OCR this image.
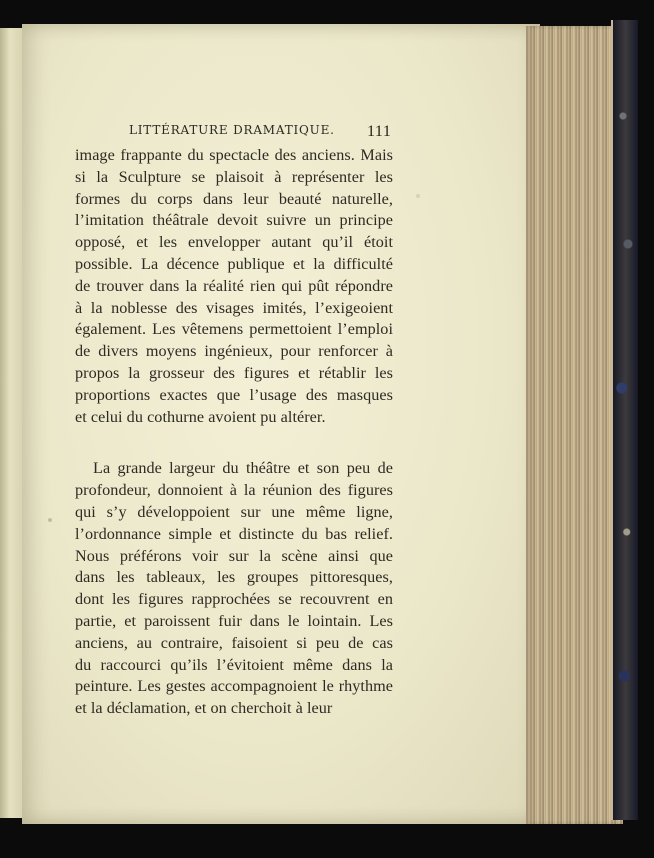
LITTÉRATURE DRAMATIQUE.	111
image frappante du spectacle des anciens. Mais
si la Sculpture se plaisoit à représenter les
formes du corps dans leur beauté naturelle,
l’imitation théâtrale devoit suivre un principe
opposé, et les envelopper autant qu’il étoit
possible. La décence publique et la difficulté
de trouver dans la réalité rien qui pût répondre
à la noblesse des visages imités, l’exigeoient
également. Les vêtemens permettoient l’emploi
de divers moyens ingénieux, pour renforcer à
propos la grosseur des figures et rétablir les
proportions exactes que l’usage des masques
et celui du cothurne avoient pu altérer.
La grande largeur du théâtre et son peu de
profondeur, donnoient à la réunion des figures
qui s’y développoient sur une même ligne,
l’ordonnance simple et distincte du bas relief.
Nous préférons voir sur la scène ainsi que
dans les tableaux, les groupes pittoresques,
dont les figures rapprochées se recouvrent en
partie, et paroissent fuir dans le lointain. Les
anciens, au contraire, faisoient si peu de cas
du raccourci qu’ils l’évitoient même dans la
peinture. Les gestes accompagnoient le rhythme
et la déclamation, et on cherchoit à leur
